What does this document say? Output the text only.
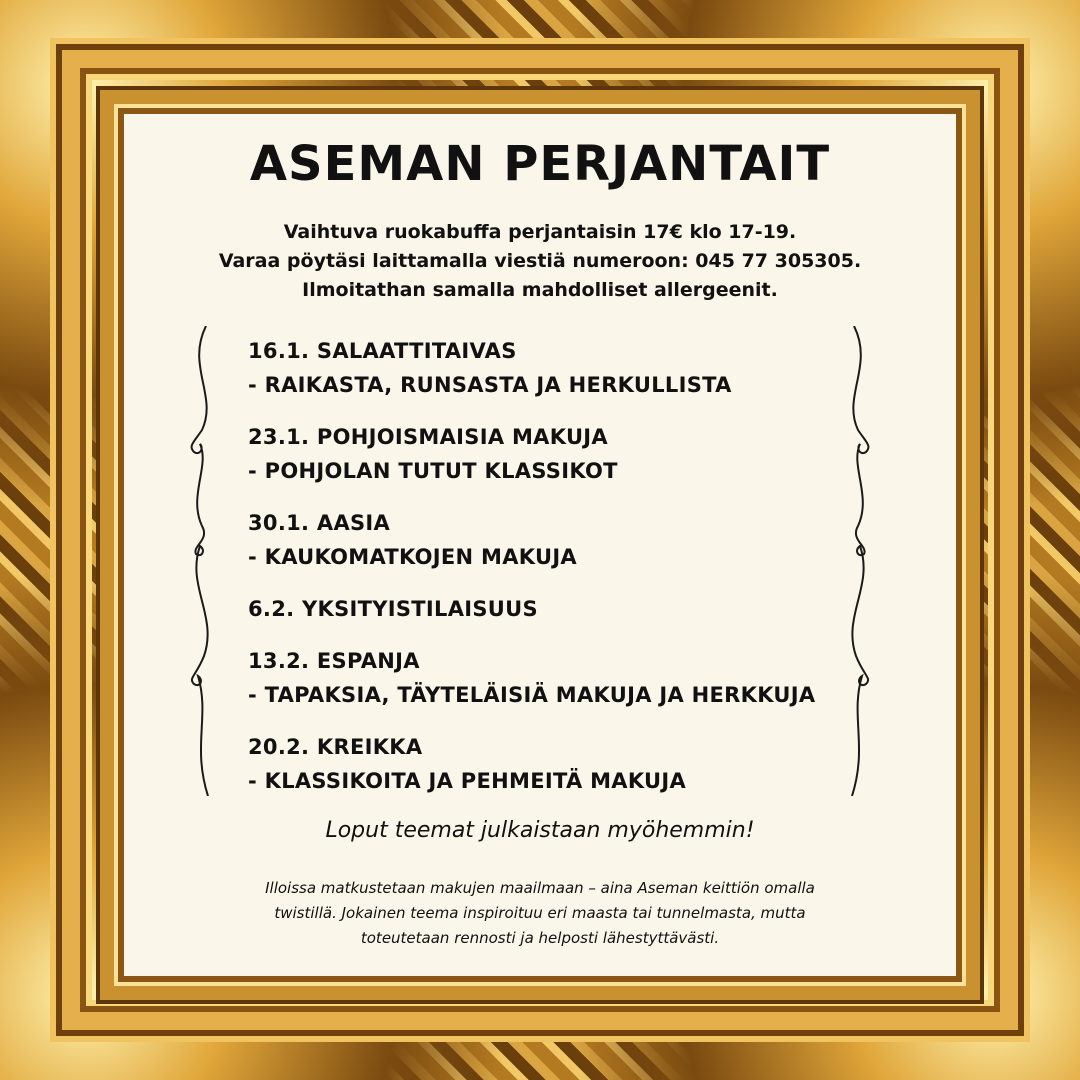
ASEMAN PERJANTAIT
Vaihtuva ruokabuffa perjantaisin 17€ klo 17-19.
Varaa pöytäsi laittamalla viestiä numeroon: 045 77 305305.
Ilmoitathan samalla mahdolliset allergeenit.
16.1. SALAATTITAIVAS
- RAIKASTA, RUNSASTA JA HERKULLISTA
23.1. POHJOISMAISIA MAKUJA
- POHJOLAN TUTUT KLASSIKOT
30.1. AASIA
- KAUKOMATKOJEN MAKUJA
6.2. YKSITYISTILAISUUS
13.2. ESPANJA
- TAPAKSIA, TÄYTELÄISIÄ MAKUJA JA HERKKUJA
20.2. KREIKKA
- KLASSIKOITA JA PEHMEITÄ MAKUJA
Loput teemat julkaistaan myöhemmin!
Illoissa matkustetaan makujen maailmaan – aina Aseman keittiön omalla
twistillä. Jokainen teema inspiroituu eri maasta tai tunnelmasta, mutta
toteutetaan rennosti ja helposti lähestyttävästi.
